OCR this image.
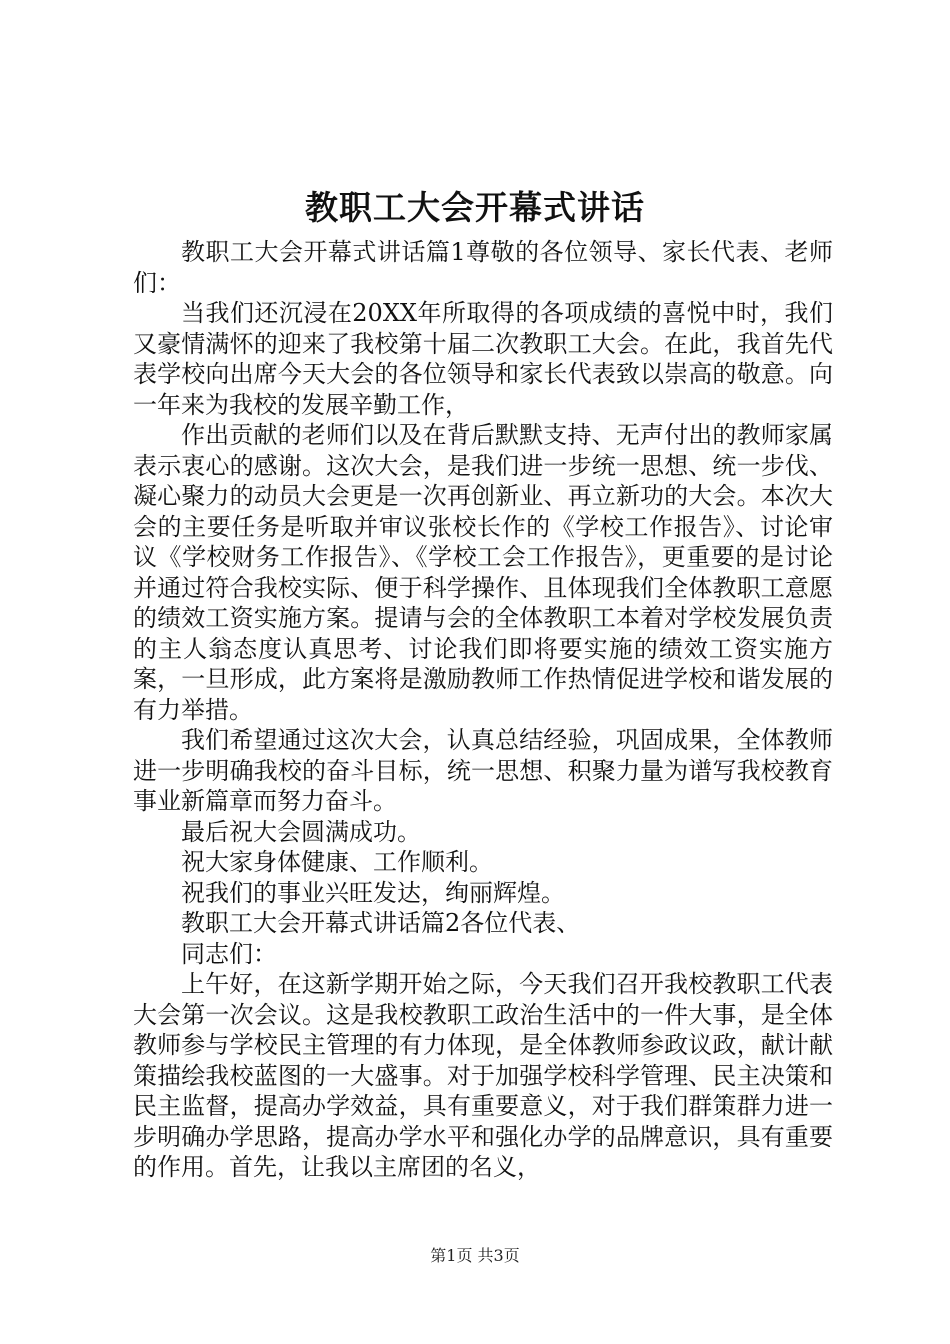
教职工大会开幕式讲话

教职工大会开幕式讲话篇1尊敬的各位领导、家长代表、老师们：

当我们还沉浸在20XX年所取得的各项成绩的喜悦中时，我们又豪情满怀的迎来了我校第十届二次教职工大会。在此，我首先代表学校向出席今天大会的各位领导和家长代表致以崇高的敬意。向一年来为我校的发展辛勤工作，

作出贡献的老师们以及在背后默默支持、无声付出的教师家属表示衷心的感谢。这次大会，是我们进一步统一思想、统一步伐、凝心聚力的动员大会更是一次再创新业、再立新功的大会。本次大会的主要任务是听取并审议张校长作的《学校工作报告》、讨论审议《学校财务工作报告》、《学校工会工作报告》，更重要的是讨论并通过符合我校实际、便于科学操作、且体现我们全体教职工意愿的绩效工资实施方案。提请与会的全体教职工本着对学校发展负责的主人翁态度认真思考、讨论我们即将要实施的绩效工资实施方案，一旦形成，此方案将是激励教师工作热情促进学校和谐发展的有力举措。

我们希望通过这次大会，认真总结经验，巩固成果，全体教师进一步明确我校的奋斗目标，统一思想、积聚力量为谱写我校教育事业新篇章而努力奋斗。

最后祝大会圆满成功。

祝大家身体健康、工作顺利。

祝我们的事业兴旺发达，绚丽辉煌。

教职工大会开幕式讲话篇2各位代表、

同志们：

上午好，在这新学期开始之际，今天我们召开我校教职工代表大会第一次会议。这是我校教职工政治生活中的一件大事，是全体教师参与学校民主管理的有力体现，是全体教师参政议政，献计献策描绘我校蓝图的一大盛事。对于加强学校科学管理、民主决策和民主监督，提高办学效益，具有重要意义，对于我们群策群力进一步明确办学思路，提高办学水平和强化办学的品牌意识，具有重要的作用。首先，让我以主席团的名义，

第1页 共3页
